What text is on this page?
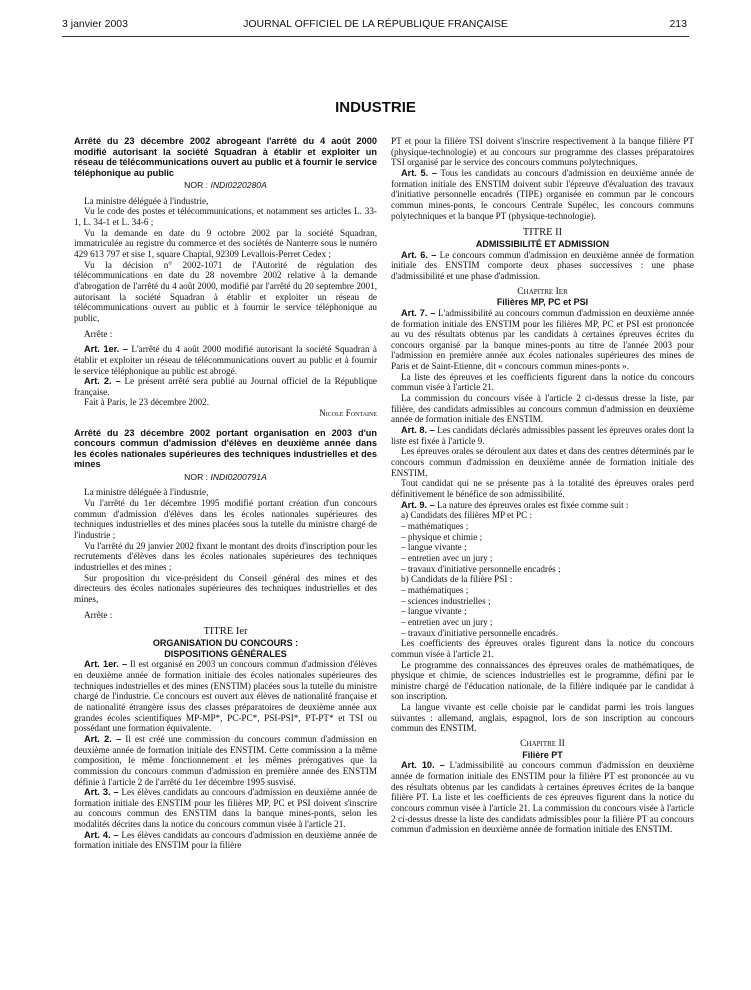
3 janvier 2003	JOURNAL OFFICIEL DE LA RÉPUBLIQUE FRANÇAISE	213
INDUSTRIE

Arrêté du 23 décembre 2002 abrogeant l'arrêté du 4 août 2000 modifié autorisant la société Squadran à établir et exploiter un réseau de télécommunications ouvert au public et à fournir le service téléphonique au public

NOR : INDI0220280A

La ministre déléguée à l'industrie,

Vu le code des postes et télécommunications, et notamment ses articles L. 33-1, L. 34-1 et L. 34-6 ;

Vu la demande en date du 9 octobre 2002 par la société Squadran, immatriculée au registre du commerce et des sociétés de Nanterre sous le numéro 429 613 797 et sise 1, square Chaptal, 92309 Levallois-Perret Cedex ;

Vu la décision n° 2002-1071 de l'Autorité de régulation des télécommunications en date du 28 novembre 2002 relative à la demande d'abrogation de l'arrêté du 4 août 2000, modifié par l'arrêté du 20 septembre 2001, autorisant la société Squadran à établir et exploiter un réseau de télécommunications ouvert au public et à fournir le service téléphonique au public,

Arrête :

Art. 1er. – L'arrêté du 4 août 2000 modifié autorisant la société Squadran à établir et exploiter un réseau de télécommunications ouvert au public et à fournir le service téléphonique au public est abrogé.

Art. 2. – Le présent arrêté sera publié au Journal officiel de la République française.

Fait à Paris, le 23 décembre 2002.

Nicole Fontaine

Arrêté du 23 décembre 2002 portant organisation en 2003 d'un concours commun d'admission d'élèves en deuxième année dans les écoles nationales supérieures des techniques industrielles et des mines

NOR : INDI0200791A

La ministre déléguée à l'industrie,

Vu l'arrêté du 1er décembre 1995 modifié portant création d'un concours commun d'admission d'élèves dans les écoles nationales supérieures des techniques industrielles et des mines placées sous la tutelle du ministre chargé de l'industrie ;

Vu l'arrêté du 29 janvier 2002 fixant le montant des droits d'inscription pour les recrutements d'élèves dans les écoles nationales supérieures des techniques industrielles et des mines ;

Sur proposition du vice-président du Conseil général des mines et des directeurs des écoles nationales supérieures des techniques industrielles et des mines,

Arrête :

TITRE Ier

ORGANISATION DU CONCOURS :

DISPOSITIONS GÉNÉRALES

Art. 1er. – Il est organisé en 2003 un concours commun d'admission d'élèves en deuxième année de formation initiale des écoles nationales supérieures des techniques industrielles et des mines (ENSTIM) placées sous la tutelle du ministre chargé de l'industrie. Ce concours est ouvert aux élèves de nationalité française et de nationalité étrangère issus des classes préparatoires de deuxième année aux grandes écoles scientifiques MP-MP*, PC-PC*, PSI-PSI*, PT-PT* et TSI ou possédant une formation équivalente.

Art. 2. – Il est créé une commission du concours commun d'admission en deuxième année de formation initiale des ENSTIM. Cette commission a la même composition, le même fonctionnement et les mêmes prérogatives que la commission du concours commun d'admission en première année des ENSTIM définie à l'article 2 de l'arrêté du 1er décembre 1995 susvisé.

Art. 3. – Les élèves candidats au concours d'admission en deuxième année de formation initiale des ENSTIM pour les filières MP, PC et PSI doivent s'inscrire au concours commun des ENSTIM dans la banque mines-ponts, selon les modalités décrites dans la notice du concours commun visée à l'article 21.

Art. 4. – Les élèves candidats au concours d'admission en deuxième année de formation initiale des ENSTIM pour la filière

PT et pour la filière TSI doivent s'inscrire respectivement à la banque filière PT (physique-technologie) et au concours sur programme des classes préparatoires TSI organisé par le service des concours communs polytechniques.

Art. 5. – Tous les candidats au concours d'admission en deuxième année de formation initiale des ENSTIM doivent subir l'épreuve d'évaluation des travaux d'initiative personnelle encadrés (TIPE) organisée en commun par le concours commun mines-ponts, le concours Centrale Supélec, les concours communs polytechniques et la banque PT (physique-technologie).

TITRE II

ADMISSIBILITÉ ET ADMISSION

Art. 6. – Le concours commun d'admission en deuxième année de formation initiale des ENSTIM comporte deux phases successives : une phase d'admissibilité et une phase d'admission.

Chapitre Ier

Filières MP, PC et PSI

Art. 7. – L'admissibilité au concours commun d'admission en deuxième année de formation initiale des ENSTIM pour les filières MP, PC et PSI est prononcée au vu des résultats obtenus par les candidats à certaines épreuves écrites du concours organisé par la banque mines-ponts au titre de l'année 2003 pour l'admission en première année aux écoles nationales supérieures des mines de Paris et de Saint-Etienne, dit « concours commun mines-ponts ».

La liste des épreuves et les coefficients figurent dans la notice du concours commun visée à l'article 21.

La commission du concours visée à l'article 2 ci-dessus dresse la liste, par filière, des candidats admissibles au concours commun d'admission en deuxième année de formation initiale des ENSTIM.

Art. 8. – Les candidats déclarés admissibles passent les épreuves orales dont la liste est fixée à l'article 9.

Les épreuves orales se déroulent aux dates et dans des centres déterminés par le concours commun d'admission en deuxième année de formation initiale des ENSTIM.

Tout candidat qui ne se présente pas à la totalité des épreuves orales perd définitivement le bénéfice de son admissibilité.

Art. 9. – La nature des épreuves orales est fixée comme suit :

a) Candidats des filières MP et PC :

– mathématiques ;

– physique et chimie ;

– langue vivante ;

– entretien avec un jury ;

– travaux d'initiative personnelle encadrés ;

b) Candidats de la filière PSI :

– mathématiques ;

– sciences industrielles ;

– langue vivante ;

– entretien avec un jury ;

– travaux d'initiative personnelle encadrés.

Les coefficients des épreuves orales figurent dans la notice du concours commun visée à l'article 21.

Le programme des connaissances des épreuves orales de mathématiques, de physique et chimie, de sciences industrielles est le programme, défini par le ministre chargé de l'éducation nationale, de la filière indiquée par le candidat à son inscription.

La langue vivante est celle choisie par le candidat parmi les trois langues suivantes : allemand, anglais, espagnol, lors de son inscription au concours commun des ENSTIM.

Chapitre II

Filière PT

Art. 10. – L'admissibilité au concours commun d'admission en deuxième année de formation initiale des ENSTIM pour la filière PT est prononcée au vu des résultats obtenus par les candidats à certaines épreuves écrites de la banque filière PT. La liste et les coefficients de ces épreuves figurent dans la notice du concours commun visée à l'article 21. La commission du concours visée à l'article 2 ci-dessus dresse la liste des candidats admissibles pour la filière PT au concours commun d'admission en deuxième année de formation initiale des ENSTIM.
